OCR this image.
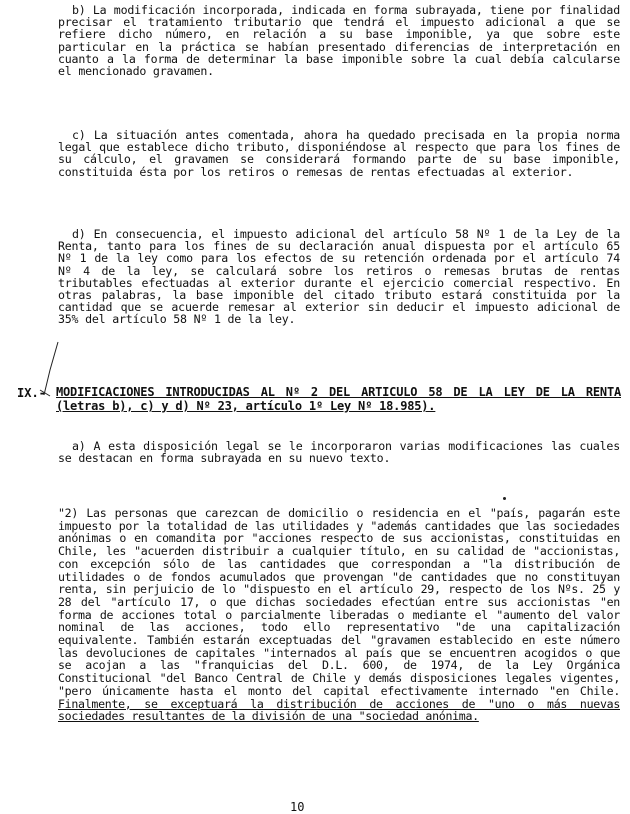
b) La modificación incorporada, indicada en forma subrayada, tiene por finalidad precisar el tratamiento tributario que tendrá el impuesto adicional a que se refiere dicho número, en relación a su base imponible, ya que sobre este particular en la práctica se habían presentado diferencias de interpretación en cuanto a la forma de determinar la base imponible sobre la cual debía calcularse el mencionado gravamen.

c) La situación antes comentada, ahora ha quedado precisada en la propia norma legal que establece dicho tributo, disponiéndose al respecto que para los fines de su cálculo, el gravamen se considerará formando parte de su base imponible, constituida ésta por los retiros o remesas de rentas efectuadas al exterior.

d) En consecuencia, el impuesto adicional del artículo 58 Nº 1 de la Ley de la Renta, tanto para los fines de su declaración anual dispuesta por el artículo 65 Nº 1 de la ley como para los efectos de su retención ordenada por el artículo 74 Nº 4 de la ley, se calculará sobre los retiros o remesas brutas de rentas tributables efectuadas al exterior durante el ejercicio comercial respectivo. En otras palabras, la base imponible del citado tributo estará constituida por la cantidad que se acuerde remesar al exterior sin deducir el impuesto adicional de 35% del artículo 58 Nº 1 de la ley.

IX.- MODIFICACIONES INTRODUCIDAS AL Nº 2 DEL ARTICULO 58 DE LA LEY DE LA RENTA (letras b), c) y d) Nº 23, artículo 1º Ley Nº 18.985).

a) A esta disposición legal se le incorporaron varias modificaciones las cuales se destacan en forma subrayada en su nuevo texto.

"2) Las personas que carezcan de domicilio o residencia en el "país, pagarán este impuesto por la totalidad de las utilidades y "además cantidades que las sociedades anónimas o en comandita por "acciones respecto de sus accionistas, constituidas en Chile, les "acuerden distribuir a cualquier título, en su calidad de "accionistas, con excepción sólo de las cantidades que correspondan a "la distribución de utilidades o de fondos acumulados que provengan "de cantidades que no constituyan renta, sin perjuicio de lo "dispuesto en el artículo 29, respecto de los Nºs. 25 y 28 del "artículo 17, o que dichas sociedades efectúan entre sus accionistas "en forma de acciones total o parcialmente liberadas o mediante el "aumento del valor nominal de las acciones, todo ello representativo "de una capitalización equivalente. También estarán exceptuadas del "gravamen establecido en este número las devoluciones de capitales "internados al país que se encuentren acogidos o que se acojan a las "franquicias del D.L. 600, de 1974, de la Ley Orgánica Constitucional "del Banco Central de Chile y demás disposiciones legales vigentes, "pero únicamente hasta el monto del capital efectivamente internado "en Chile. Finalmente, se exceptuará la distribución de acciones de "uno o más nuevas sociedades resultantes de la división de una "sociedad anónima.

10
